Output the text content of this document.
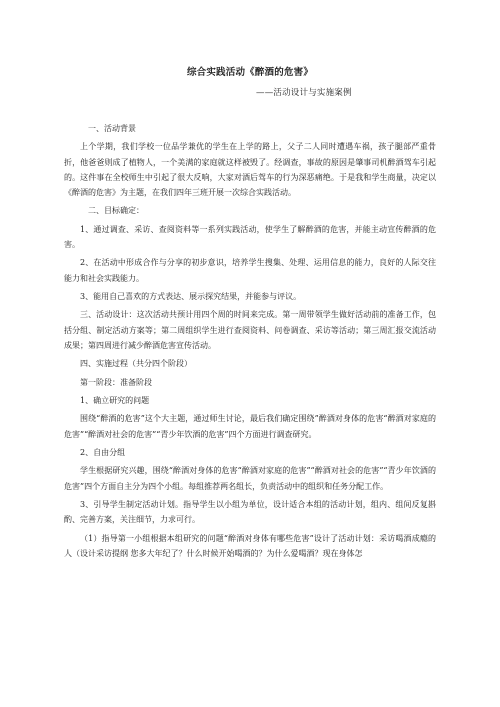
综合实践活动《醉酒的危害》
——活动设计与实施案例

一、活动背景

上个学期，我们学校一位品学兼优的学生在上学的路上，父子二人同时遭遇车祸，孩子腿部严重骨折，他爸爸则成了植物人，一个美满的家庭就这样被毁了。经调查，事故的原因是肇事司机醉酒驾车引起的。这件事在全校师生中引起了很大反响，大家对酒后驾车的行为深恶痛绝。于是我和学生商量，决定以《醉酒的危害》为主题，在我们四年三班开展一次综合实践活动。

二、目标确定：

1、通过调查、采访、查阅资料等一系列实践活动，使学生了解醉酒的危害，并能主动宣传醉酒的危害。

2、在活动中形成合作与分享的初步意识，培养学生搜集、处理、运用信息的能力，良好的人际交往能力和社会实践能力。

3、能用自己喜欢的方式表达、展示探究结果，并能参与评议。

三、活动设计：这次活动共预计用四个周的时间来完成。第一周带领学生做好活动前的准备工作，包括分组、制定活动方案等；第二周组织学生进行查阅资料、问卷调查、采访等活动；第三周汇报交流活动成果；第四周进行减少醉酒危害宣传活动。

四、实施过程（共分四个阶段）

第一阶段：准备阶段

1、确立研究的问题

围绕“醉酒的危害”这个大主题，通过师生讨论，最后我们确定围绕”醉酒对身体的危害“醉酒对家庭的危害”“醉酒对社会的危害”“青少年饮酒的危害”四个方面进行调查研究。

2、自由分组

学生根据研究兴趣，围绕“醉酒对身体的危害“醉酒对家庭的危害”“醉酒对社会的危害”“青少年饮酒的危害”四个方面自主分为四个小组。每组推荐两名组长，负责活动中的组织和任务分配工作。

3、引导学生制定活动计划。指导学生以小组为单位，设计适合本组的活动计划，组内、组间反复斟酌、完善方案，关注细节，力求可行。

（1）指导第一小组根据本组研究的问题“醉酒对身体有哪些危害”设计了活动计划：采访喝酒成瘾的人（设计采访提纲 您多大年纪了？什么时候开始喝酒的？为什么爱喝酒？现在身体怎
